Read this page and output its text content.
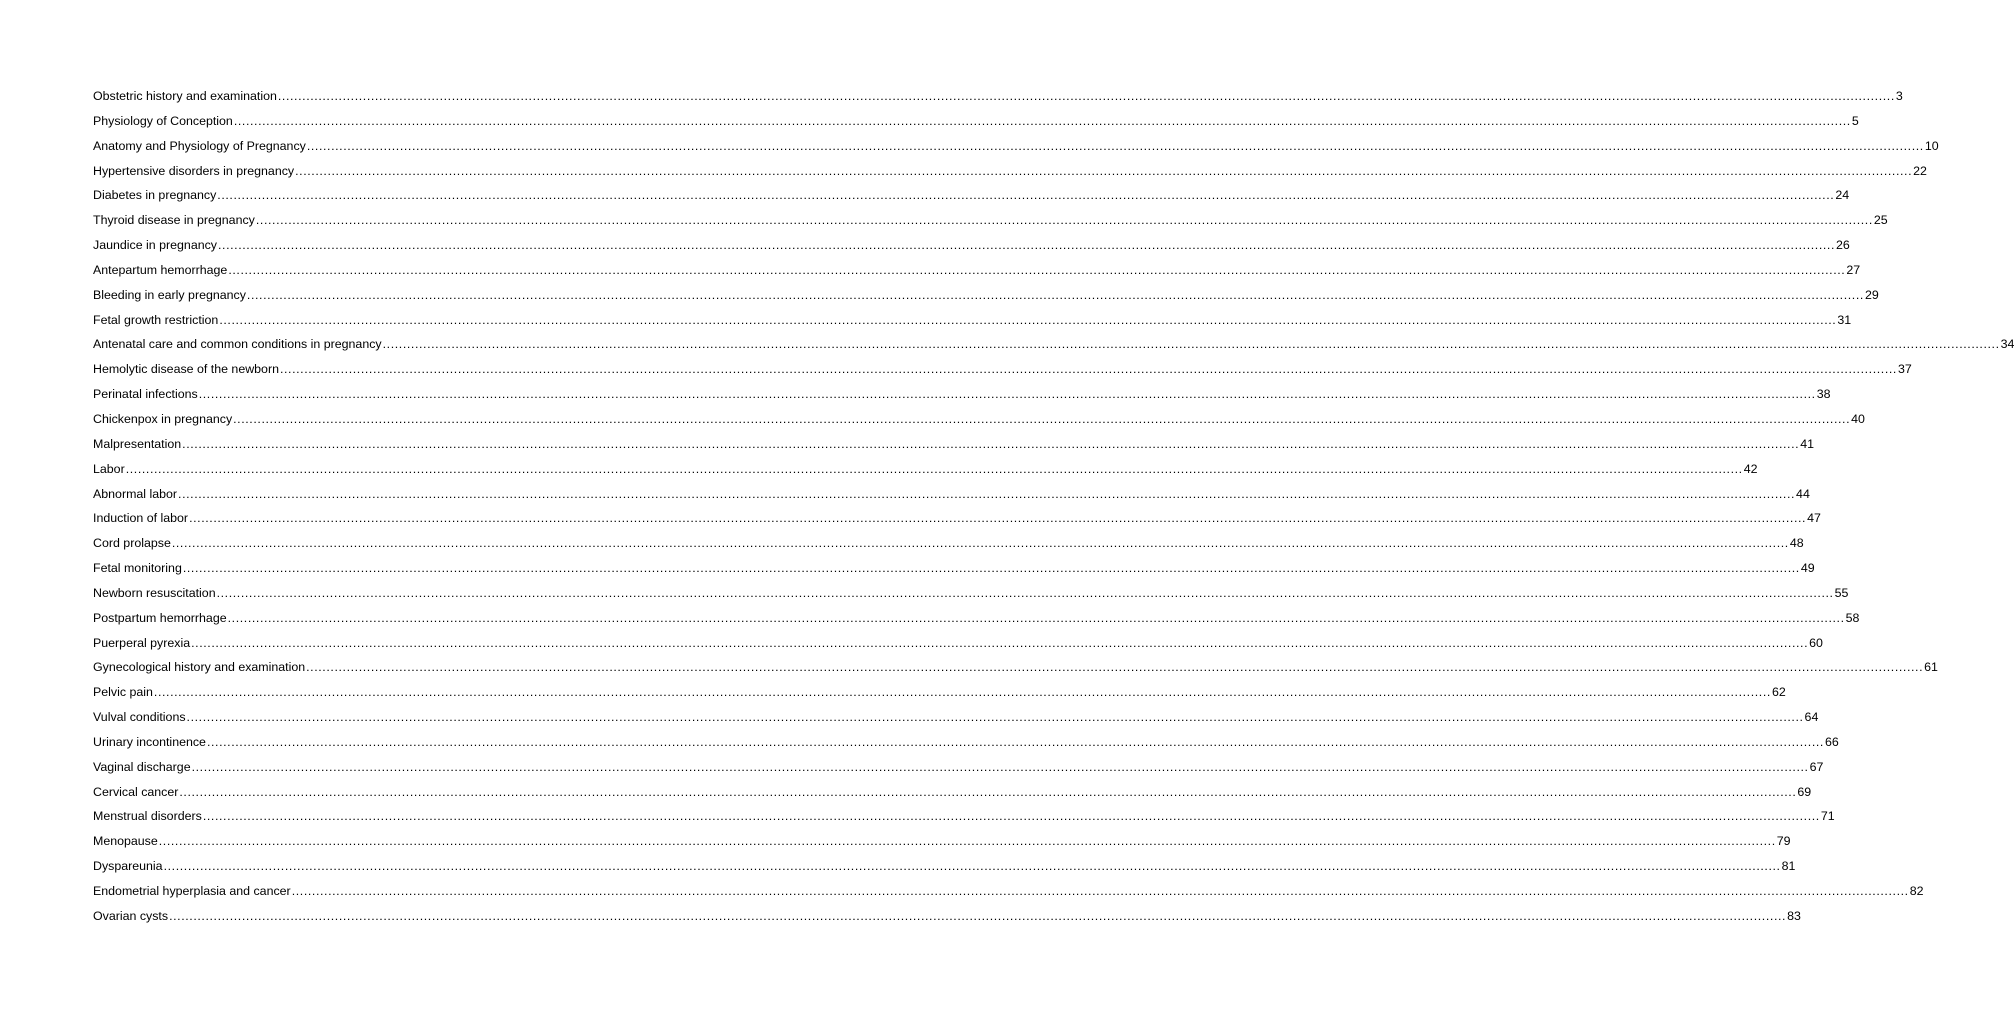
Obstetric history and examination ................................................................................................................................................................................................................................................................................................................................................................................................................ 3
Physiology of Conception ................................................................................................................................................................................................................................................................................................................................................................................................................ 5
Anatomy and Physiology of Pregnancy ................................................................................................................................................................................................................................................................................................................................................................................................................ 10
Hypertensive disorders in pregnancy ................................................................................................................................................................................................................................................................................................................................................................................................................ 22
Diabetes in pregnancy ................................................................................................................................................................................................................................................................................................................................................................................................................ 24
Thyroid disease in pregnancy ................................................................................................................................................................................................................................................................................................................................................................................................................ 25
Jaundice in pregnancy ................................................................................................................................................................................................................................................................................................................................................................................................................ 26
Antepartum hemorrhage ................................................................................................................................................................................................................................................................................................................................................................................................................ 27
Bleeding in early pregnancy ................................................................................................................................................................................................................................................................................................................................................................................................................ 29
Fetal growth restriction ................................................................................................................................................................................................................................................................................................................................................................................................................ 31
Antenatal care and common conditions in pregnancy ................................................................................................................................................................................................................................................................................................................................................................................................................ 34
Hemolytic disease of the newborn ................................................................................................................................................................................................................................................................................................................................................................................................................ 37
Perinatal infections ................................................................................................................................................................................................................................................................................................................................................................................................................ 38
Chickenpox in pregnancy ................................................................................................................................................................................................................................................................................................................................................................................................................ 40
Malpresentation ................................................................................................................................................................................................................................................................................................................................................................................................................ 41
Labor ................................................................................................................................................................................................................................................................................................................................................................................................................ 42
Abnormal labor ................................................................................................................................................................................................................................................................................................................................................................................................................ 44
Induction of labor ................................................................................................................................................................................................................................................................................................................................................................................................................ 47
Cord prolapse ................................................................................................................................................................................................................................................................................................................................................................................................................ 48
Fetal monitoring ................................................................................................................................................................................................................................................................................................................................................................................................................ 49
Newborn resuscitation ................................................................................................................................................................................................................................................................................................................................................................................................................ 55
Postpartum hemorrhage ................................................................................................................................................................................................................................................................................................................................................................................................................ 58
Puerperal pyrexia ................................................................................................................................................................................................................................................................................................................................................................................................................ 60
Gynecological history and examination ................................................................................................................................................................................................................................................................................................................................................................................................................ 61
Pelvic pain ................................................................................................................................................................................................................................................................................................................................................................................................................ 62
Vulval conditions ................................................................................................................................................................................................................................................................................................................................................................................................................ 64
Urinary incontinence ................................................................................................................................................................................................................................................................................................................................................................................................................ 66
Vaginal discharge ................................................................................................................................................................................................................................................................................................................................................................................................................ 67
Cervical cancer ................................................................................................................................................................................................................................................................................................................................................................................................................ 69
Menstrual disorders ................................................................................................................................................................................................................................................................................................................................................................................................................ 71
Menopause ................................................................................................................................................................................................................................................................................................................................................................................................................ 79
Dyspareunia ................................................................................................................................................................................................................................................................................................................................................................................................................ 81
Endometrial hyperplasia and cancer ................................................................................................................................................................................................................................................................................................................................................................................................................ 82
Ovarian cysts ................................................................................................................................................................................................................................................................................................................................................................................................................ 83
